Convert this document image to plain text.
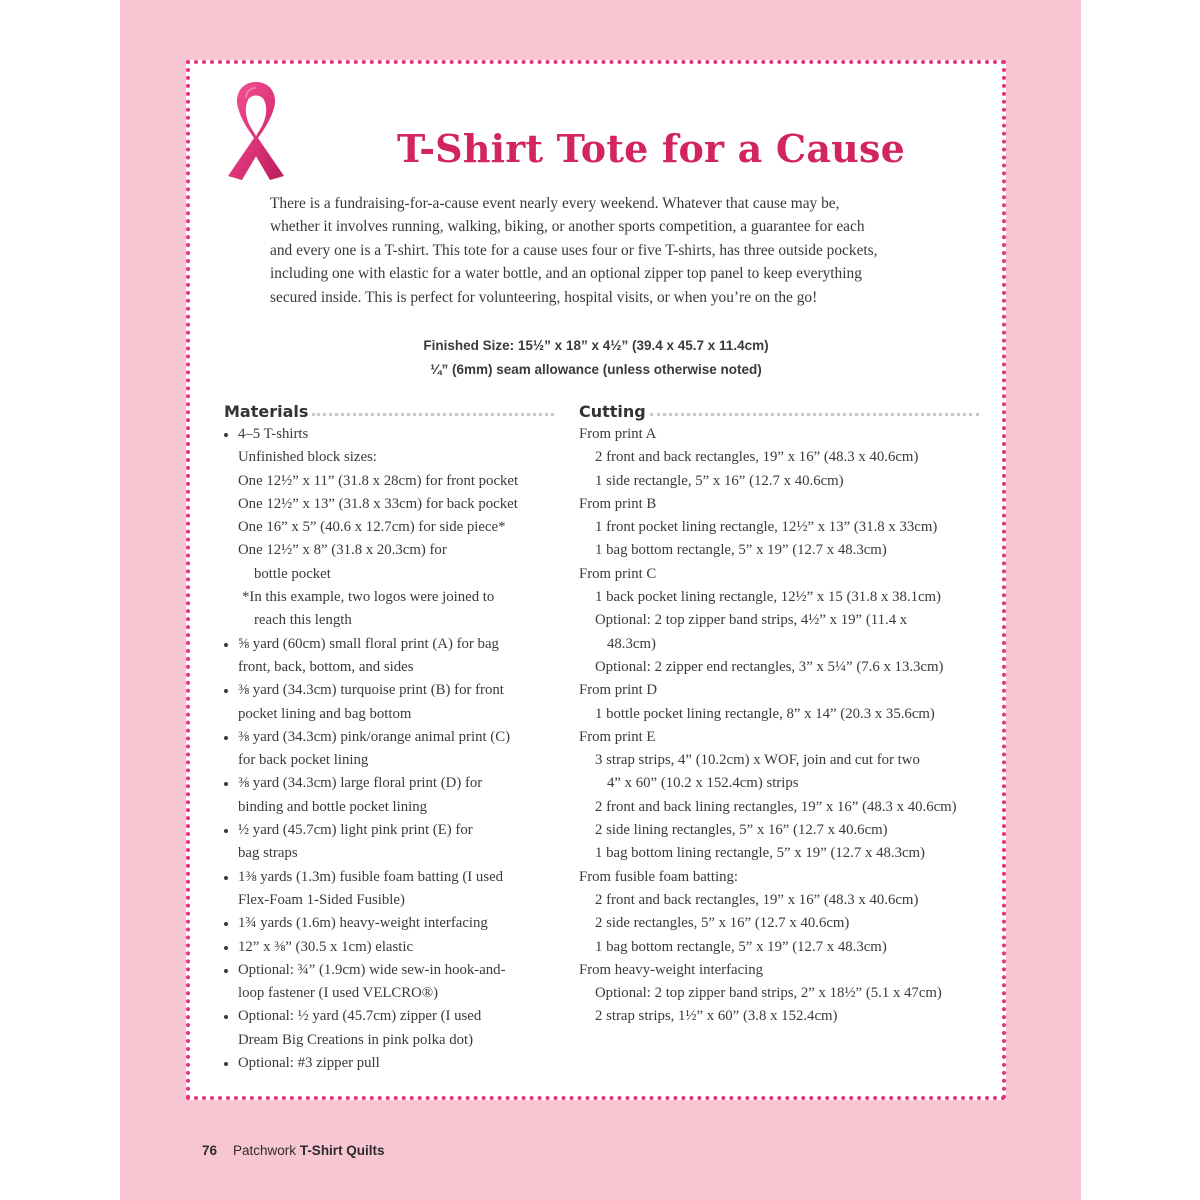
T-Shirt Tote for a Cause
There is a fundraising-for-a-cause event nearly every weekend. Whatever that cause may be,
whether it involves running, walking, biking, or another sports competition, a guarantee for each
and every one is a T-shirt. This tote for a cause uses four or five T-shirts, has three outside pockets,
including one with elastic for a water bottle, and an optional zipper top panel to keep everything
secured inside. This is perfect for volunteering, hospital visits, or when you’re on the go!
Finished Size: 15½” x 18” x 4½” (39.4 x 45.7 x 11.4cm)
¼” (6mm) seam allowance (unless otherwise noted)
Materials
4–5 T-shirts
Unfinished block sizes:
One 12½” x 11” (31.8 x 28cm) for front pocket
One 12½” x 13” (31.8 x 33cm) for back pocket
One 16” x 5” (40.6 x 12.7cm) for side piece*
One 12½” x 8” (31.8 x 20.3cm) for
bottle pocket
*In this example, two logos were joined to
reach this length
⅝ yard (60cm) small floral print (A) for bag
front, back, bottom, and sides
⅜ yard (34.3cm) turquoise print (B) for front
pocket lining and bag bottom
⅜ yard (34.3cm) pink/orange animal print (C)
for back pocket lining
⅜ yard (34.3cm) large floral print (D) for
binding and bottle pocket lining
½ yard (45.7cm) light pink print (E) for
bag straps
1⅜ yards (1.3m) fusible foam batting (I used
Flex-Foam 1-Sided Fusible)
1¾ yards (1.6m) heavy-weight interfacing
12” x ⅜” (30.5 x 1cm) elastic
Optional: ¾” (1.9cm) wide sew-in hook-and-
loop fastener (I used VELCRO®)
Optional: ½ yard (45.7cm) zipper (I used
Dream Big Creations in pink polka dot)
Optional: #3 zipper pull
Cutting
From print A
2 front and back rectangles, 19” x 16” (48.3 x 40.6cm)
1 side rectangle, 5” x 16” (12.7 x 40.6cm)
From print B
1 front pocket lining rectangle, 12½” x 13” (31.8 x 33cm)
1 bag bottom rectangle, 5” x 19” (12.7 x 48.3cm)
From print C
1 back pocket lining rectangle, 12½” x 15 (31.8 x 38.1cm)
Optional: 2 top zipper band strips, 4½” x 19” (11.4 x
48.3cm)
Optional: 2 zipper end rectangles, 3” x 5¼” (7.6 x 13.3cm)
From print D
1 bottle pocket lining rectangle, 8” x 14” (20.3 x 35.6cm)
From print E
3 strap strips, 4” (10.2cm) x WOF, join and cut for two
4” x 60” (10.2 x 152.4cm) strips
2 front and back lining rectangles, 19” x 16” (48.3 x 40.6cm)
2 side lining rectangles, 5” x 16” (12.7 x 40.6cm)
1 bag bottom lining rectangle, 5” x 19” (12.7 x 48.3cm)
From fusible foam batting:
2 front and back rectangles, 19” x 16” (48.3 x 40.6cm)
2 side rectangles, 5” x 16” (12.7 x 40.6cm)
1 bag bottom rectangle, 5” x 19” (12.7 x 48.3cm)
From heavy-weight interfacing
Optional: 2 top zipper band strips, 2” x 18½” (5.1 x 47cm)
2 strap strips, 1½” x 60” (3.8 x 152.4cm)
76 Patchwork T-Shirt Quilts
